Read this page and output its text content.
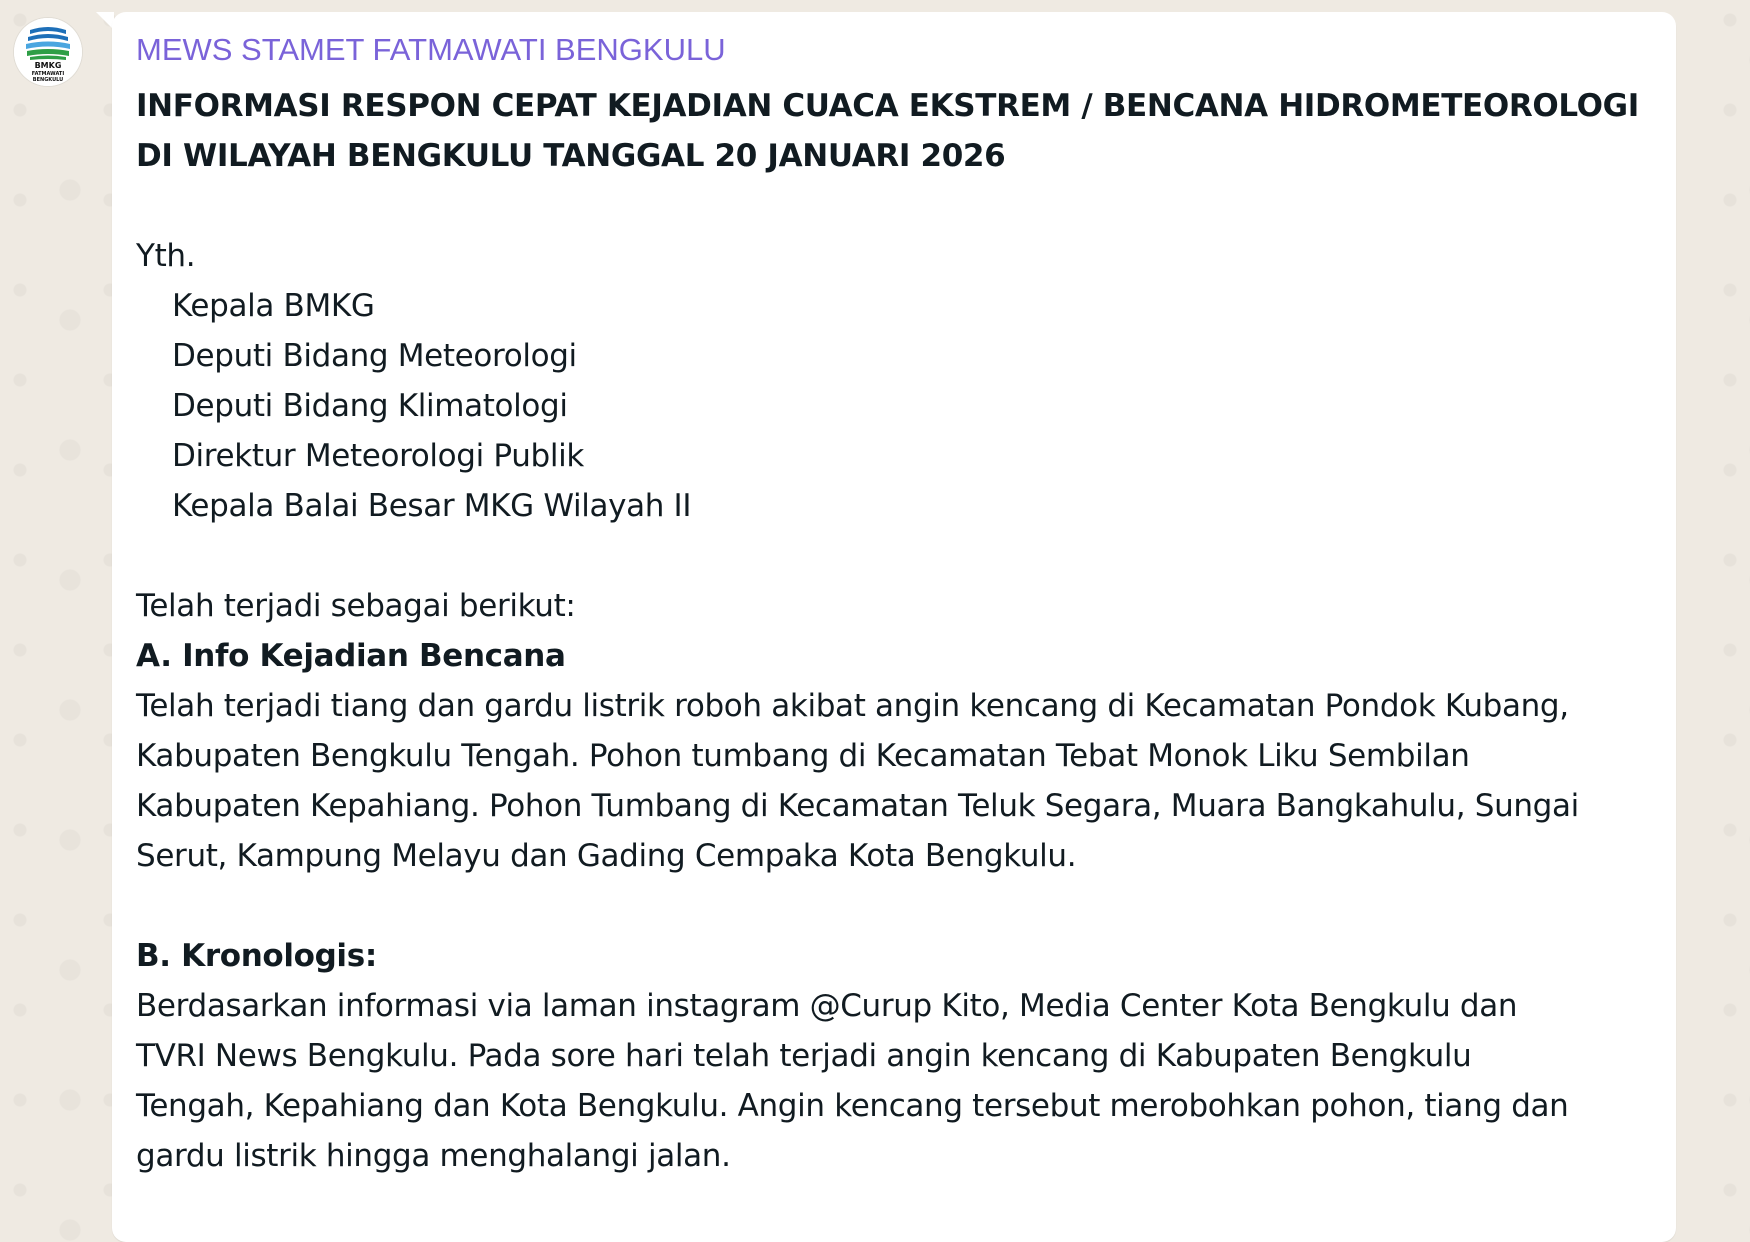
BMKG
FATMAWATI
BENGKULU

MEWS STAMET FATMAWATI BENGKULU

INFORMASI RESPON CEPAT KEJADIAN CUACA EKSTREM / BENCANA HIDROMETEOROLOGI

DI WILAYAH BENGKULU TANGGAL 20 JANUARI 2026

Yth.

Kepala BMKG

Deputi Bidang Meteorologi

Deputi Bidang Klimatologi

Direktur Meteorologi Publik

Kepala Balai Besar MKG Wilayah II

Telah terjadi sebagai berikut:

A. Info Kejadian Bencana

Telah terjadi tiang dan gardu listrik roboh akibat angin kencang di Kecamatan Pondok Kubang,

Kabupaten Bengkulu Tengah. Pohon tumbang di Kecamatan Tebat Monok Liku Sembilan

Kabupaten Kepahiang. Pohon Tumbang di Kecamatan Teluk Segara, Muara Bangkahulu, Sungai

Serut, Kampung Melayu dan Gading Cempaka Kota Bengkulu.

B. Kronologis:

Berdasarkan informasi via laman instagram @Curup Kito, Media Center Kota Bengkulu dan

TVRI News Bengkulu. Pada sore hari telah terjadi angin kencang di Kabupaten Bengkulu

Tengah, Kepahiang dan Kota Bengkulu. Angin kencang tersebut merobohkan pohon, tiang dan

gardu listrik hingga menghalangi jalan.
